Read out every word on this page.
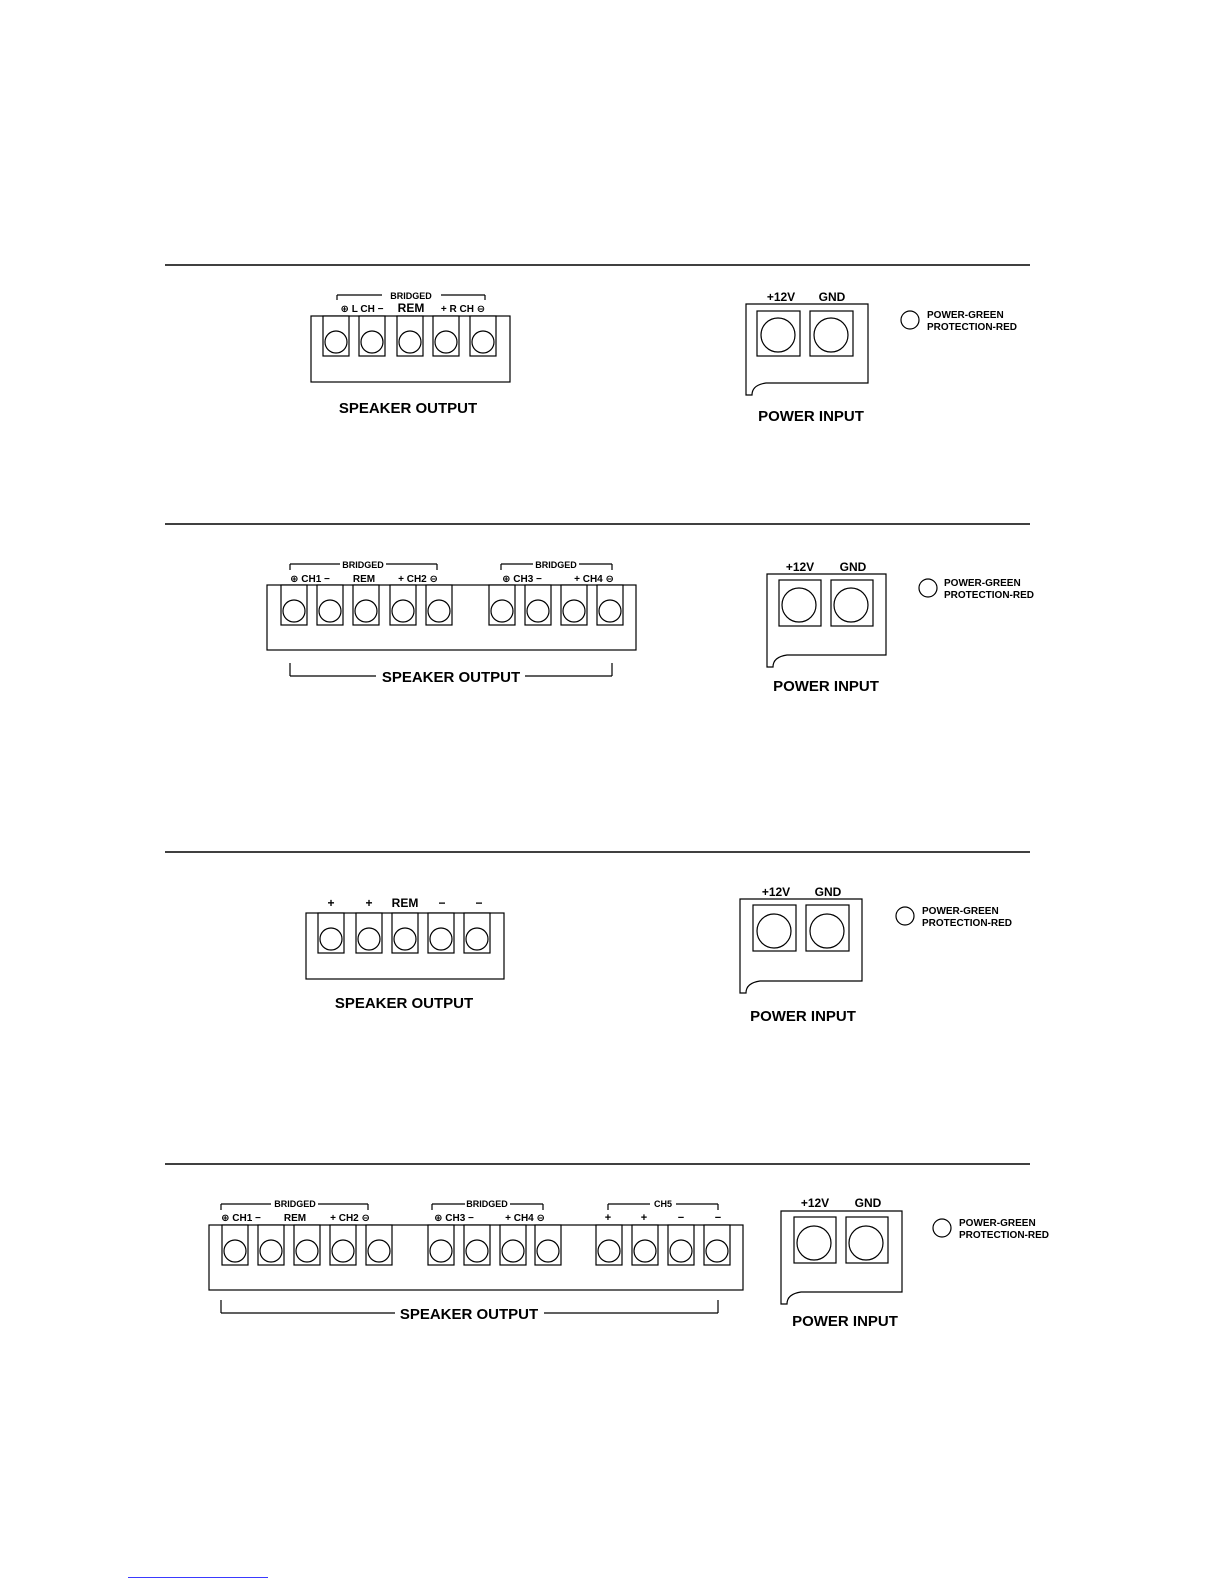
BRIDGED
⊕ L CH − REM + R CH ⊖
SPEAKER OUTPUT
+12V GND
POWER INPUT
POWER-GREEN
PROTECTION-RED
BRIDGED	BRIDGED
⊕ CH1 − REM + CH2 ⊖	⊕ CH3 −	+ CH4 ⊖
SPEAKER OUTPUT
+12V GND
POWER INPUT
POWER-GREEN
PROTECTION-RED
+	+ REM − −
SPEAKER OUTPUT
+12V GND
POWER INPUT
POWER-GREEN
PROTECTION-RED
BRIDGED	BRIDGED	CH5
⊕ CH1 − REM + CH2 ⊖	⊕ CH3 −	+ CH4 ⊖	+	+	−	−
SPEAKER OUTPUT
+12V GND
POWER INPUT
POWER-GREEN
PROTECTION-RED
